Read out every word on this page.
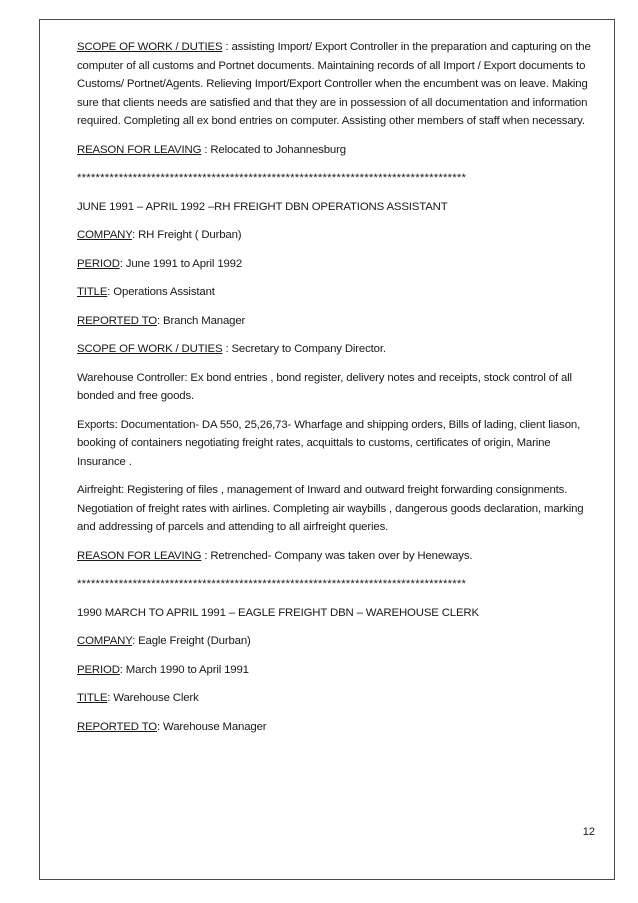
SCOPE OF WORK / DUTIES : assisting Import/ Export Controller in the preparation and capturing on the computer of all customs and Portnet documents. Maintaining records of all Import / Export documents to Customs/ Portnet/Agents. Relieving Import/Export Controller when the encumbent was on leave. Making sure that clients needs are satisfied and that they are in possession of all documentation and information required. Completing all ex bond entries on computer. Assisting other members of staff when necessary.

REASON FOR LEAVING : Relocated to Johannesburg

************************************************************************************

JUNE 1991 – APRIL 1992 –RH FREIGHT DBN OPERATIONS ASSISTANT

COMPANY: RH Freight ( Durban)

PERIOD: June 1991 to April 1992

TITLE: Operations Assistant

REPORTED TO: Branch Manager

SCOPE OF WORK / DUTIES : Secretary to Company Director.

Warehouse Controller: Ex bond entries , bond register, delivery notes and receipts, stock control of all bonded and free goods.

Exports: Documentation- DA 550, 25,26,73- Wharfage and shipping orders, Bills of lading, client liason, booking of containers negotiating freight rates, acquittals to customs, certificates of origin, Marine Insurance .

Airfreight: Registering of files , management of Inward and outward freight forwarding consignments. Negotiation of freight rates with airlines. Completing air waybills , dangerous goods declaration, marking and addressing of parcels and attending to all airfreight queries.

REASON FOR LEAVING : Retrenched- Company was taken over by Heneways.

************************************************************************************

1990 MARCH TO APRIL 1991 – EAGLE FREIGHT DBN – WAREHOUSE CLERK

COMPANY: Eagle Freight (Durban)

PERIOD: March 1990 to April 1991

TITLE: Warehouse Clerk

REPORTED TO: Warehouse Manager

12
